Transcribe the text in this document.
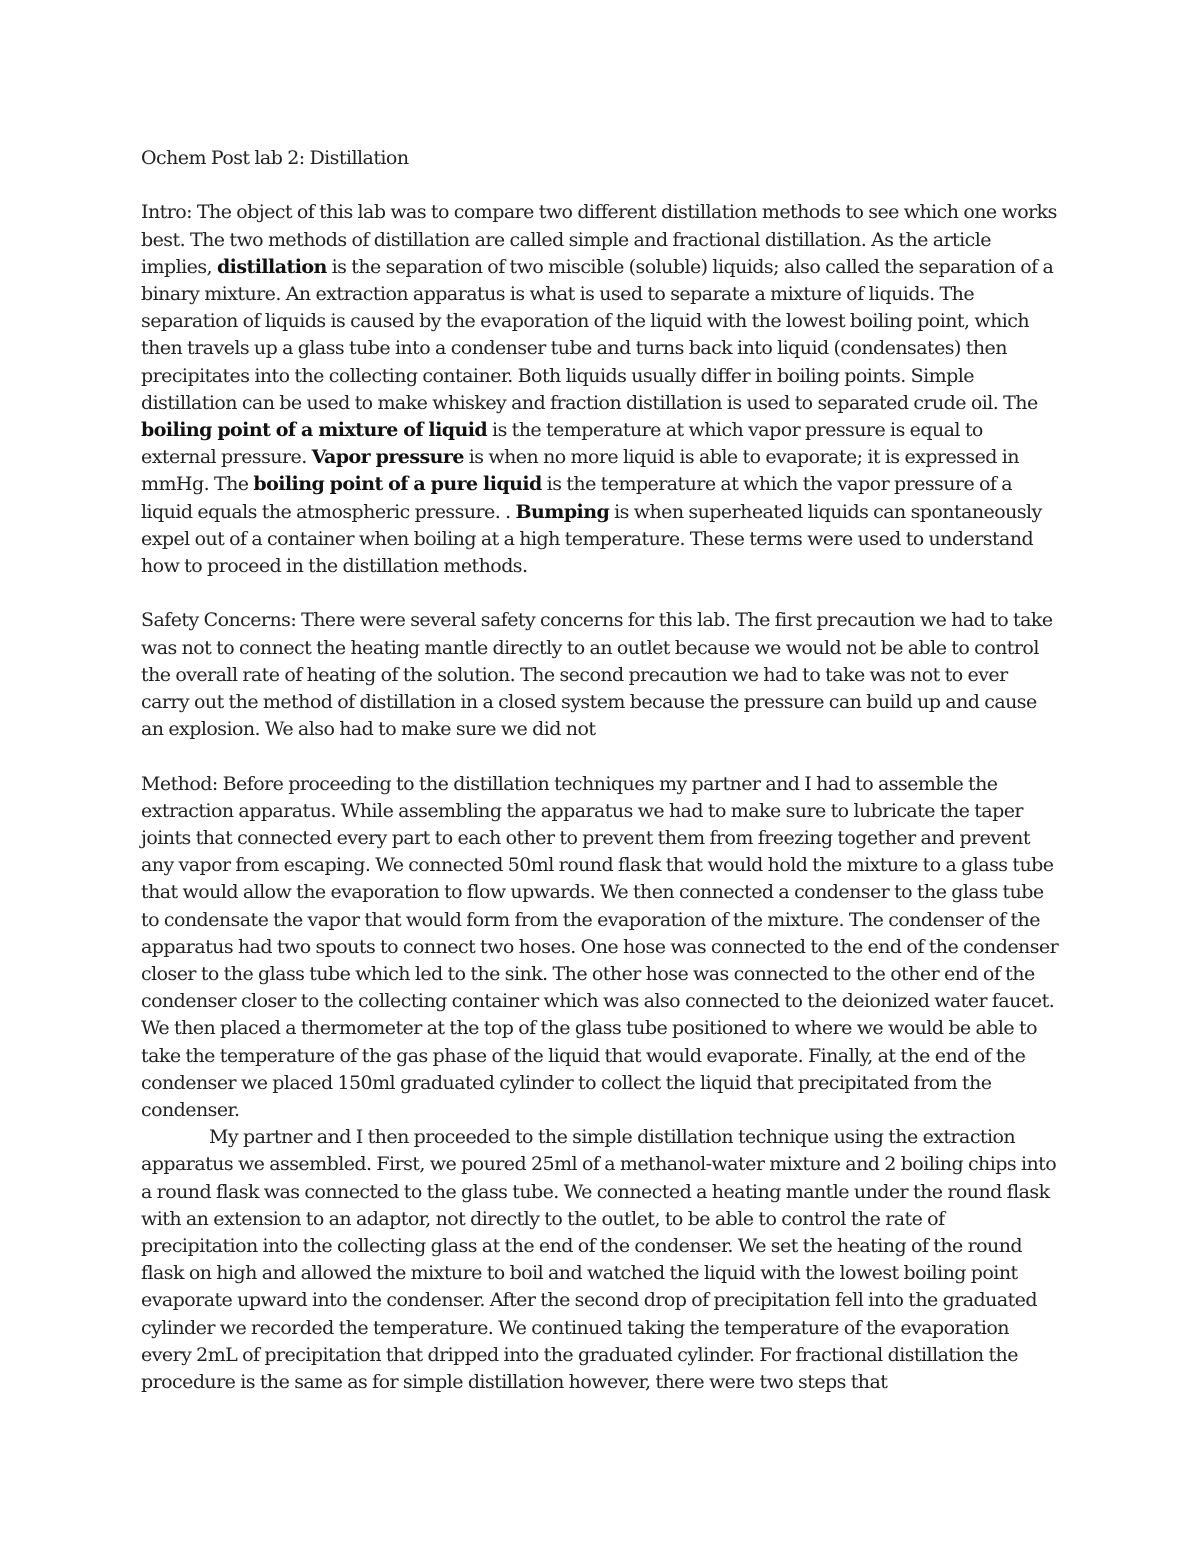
Ochem Post lab 2: Distillation

Intro: The object of this lab was to compare two different distillation methods to see which one works best. The two methods of distillation are called simple and fractional distillation. As the article implies, distillation is the separation of two miscible (soluble) liquids; also called the separation of a binary mixture. An extraction apparatus is what is used to separate a mixture of liquids. The separation of liquids is caused by the evaporation of the liquid with the lowest boiling point, which then travels up a glass tube into a condenser tube and turns back into liquid (condensates) then precipitates into the collecting container. Both liquids usually differ in boiling points. Simple distillation can be used to make whiskey and fraction distillation is used to separated crude oil. The boiling point of a mixture of liquid is the temperature at which vapor pressure is equal to external pressure. Vapor pressure is when no more liquid is able to evaporate; it is expressed in mmHg. The boiling point of a pure liquid is the temperature at which the vapor pressure of a liquid equals the atmospheric pressure. . Bumping is when superheated liquids can spontaneously expel out of a container when boiling at a high temperature. These terms were used to understand how to proceed in the distillation methods.

Safety Concerns: There were several safety concerns for this lab. The first precaution we had to take was not to connect the heating mantle directly to an outlet because we would not be able to control the overall rate of heating of the solution. The second precaution we had to take was not to ever carry out the method of distillation in a closed system because the pressure can build up and cause an explosion. We also had to make sure we did not

Method: Before proceeding to the distillation techniques my partner and I had to assemble the extraction apparatus. While assembling the apparatus we had to make sure to lubricate the taper joints that connected every part to each other to prevent them from freezing together and prevent any vapor from escaping. We connected 50ml round flask that would hold the mixture to a glass tube that would allow the evaporation to flow upwards. We then connected a condenser to the glass tube to condensate the vapor that would form from the evaporation of the mixture. The condenser of the apparatus had two spouts to connect two hoses. One hose was connected to the end of the condenser closer to the glass tube which led to the sink. The other hose was connected to the other end of the condenser closer to the collecting container which was also connected to the deionized water faucet. We then placed a thermometer at the top of the glass tube positioned to where we would be able to take the temperature of the gas phase of the liquid that would evaporate. Finally, at the end of the condenser we placed 150ml graduated cylinder to collect the liquid that precipitated from the condenser.

My partner and I then proceeded to the simple distillation technique using the extraction apparatus we assembled. First, we poured 25ml of a methanol-water mixture and 2 boiling chips into a round flask was connected to the glass tube. We connected a heating mantle under the round flask with an extension to an adaptor, not directly to the outlet, to be able to control the rate of precipitation into the collecting glass at the end of the condenser. We set the heating of the round flask on high and allowed the mixture to boil and watched the liquid with the lowest boiling point evaporate upward into the condenser. After the second drop of precipitation fell into the graduated cylinder we recorded the temperature. We continued taking the temperature of the evaporation every 2mL of precipitation that dripped into the graduated cylinder. For fractional distillation the procedure is the same as for simple distillation however, there were two steps that
